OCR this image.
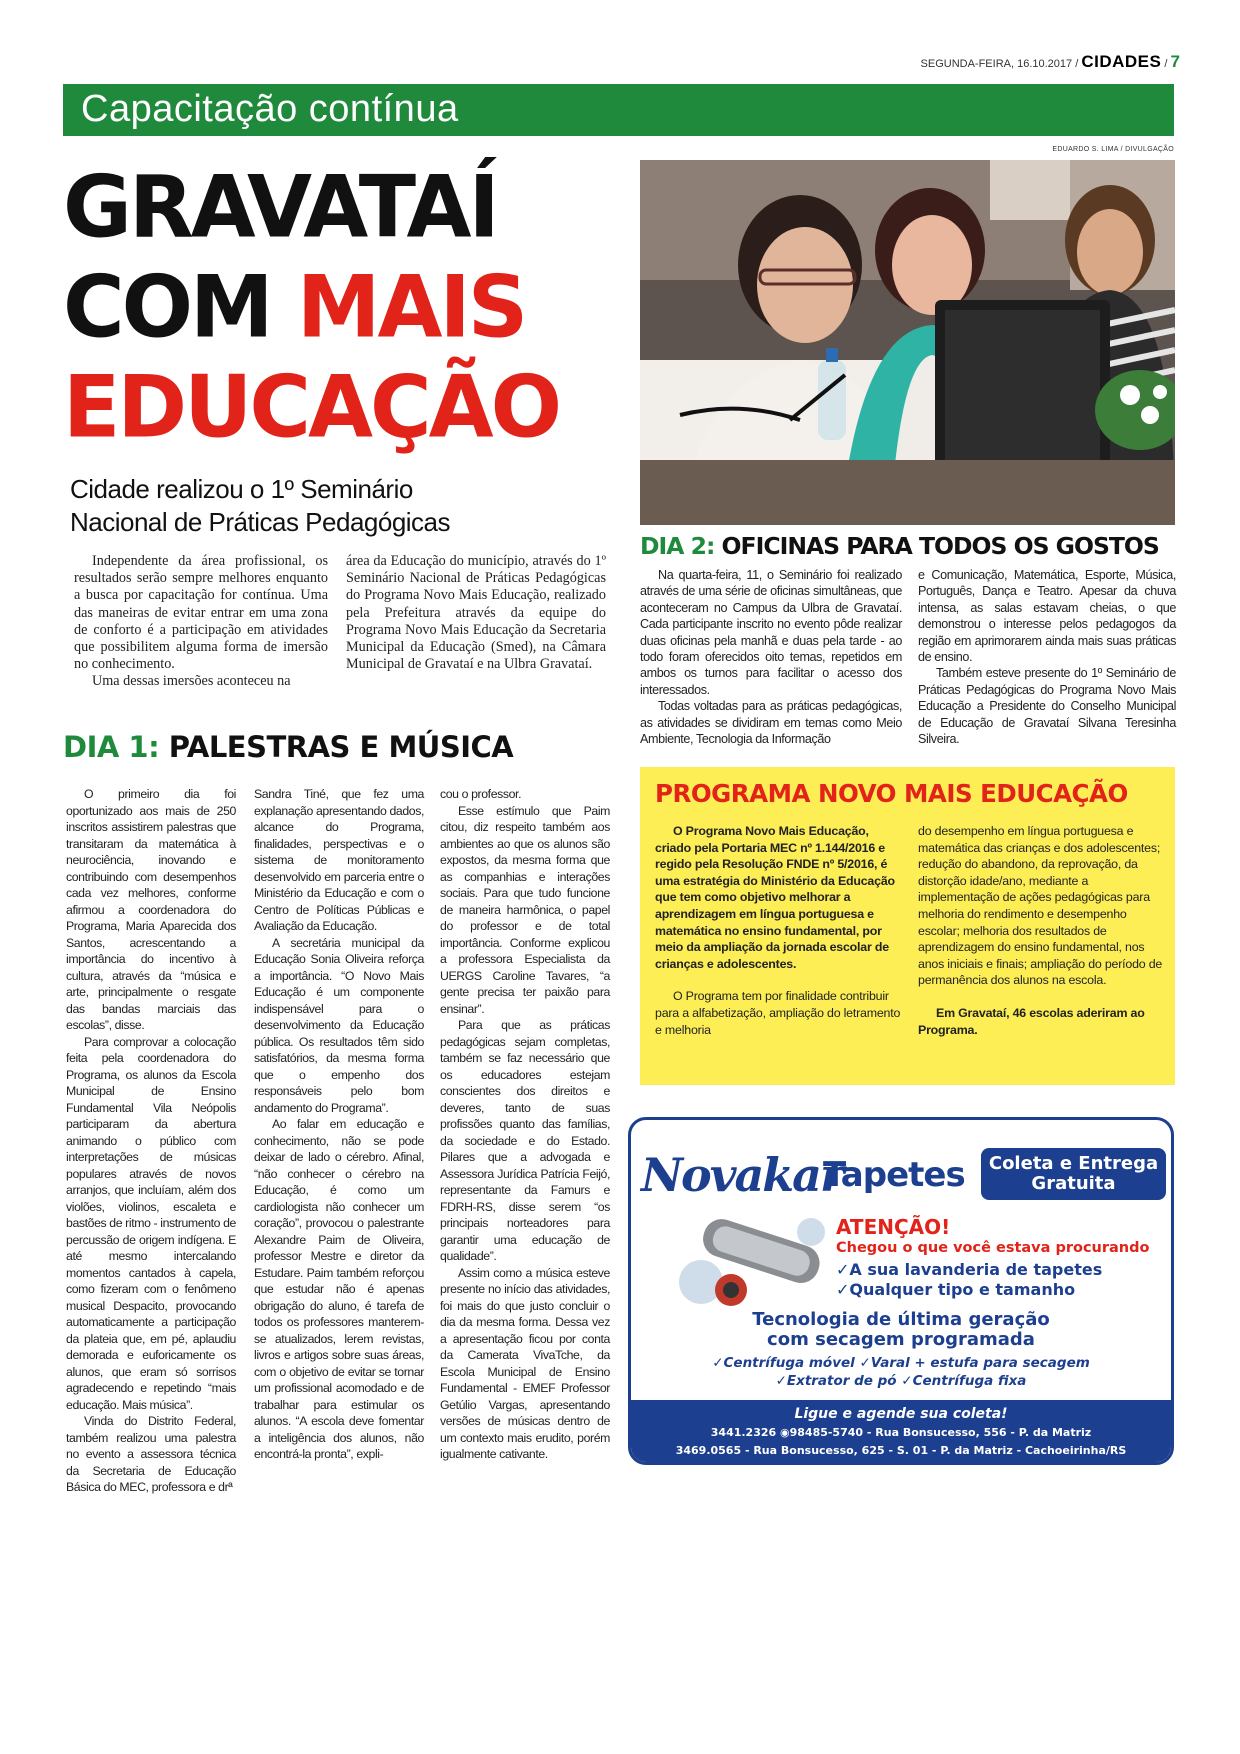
SEGUNDA-FEIRA, 16.10.2017 / CIDADES / 7
Capacitação contínua
EDUARDO S. LIMA / DIVULGAÇÃO
GRAVATAÍ
COM MAIS
EDUCAÇÃO
Cidade realizou o 1º Seminário
Nacional de Práticas Pedagógicas

Independente da área profissional, os resultados serão sempre melhores enquanto a busca por capacitação for contínua. Uma das maneiras de evitar entrar em uma zona de conforto é a participação em atividades que possibilitem alguma forma de imersão no conhecimento.

Uma dessas imersões aconteceu na

área da Educação do município, através do 1º Seminário Nacional de Práticas Pedagógicas do Programa Novo Mais Educação, realizado pela Prefeitura através da equipe do Programa Novo Mais Educação da Secretaria Municipal da Educação (Smed), na Câmara Municipal de Gravataí e na Ulbra Gravataí.

DIA 1: PALESTRAS E MÚSICA

O primeiro dia foi oportunizado aos mais de 250 inscritos assistirem palestras que transitaram da matemática à neurociência, inovando e contribuindo com desempenhos cada vez melhores, conforme afirmou a coordenadora do Programa, Maria Aparecida dos Santos, acrescentando a importância do incentivo à cultura, através da “música e arte, principalmente o resgate das bandas marciais das escolas”, disse.

Para comprovar a colocação feita pela coordenadora do Programa, os alunos da Escola Municipal de Ensino Fundamental Vila Neópolis participaram da abertura animando o público com interpretações de músicas populares através de novos arranjos, que incluíam, além dos violões, violinos, escaleta e bastões de ritmo - instrumento de percussão de origem indígena. E até mesmo intercalando momentos cantados à capela, como fizeram com o fenômeno musical Despacito, provocando automaticamente a participação da plateia que, em pé, aplaudiu demorada e euforicamente os alunos, que eram só sorrisos agradecendo e repetindo “mais educação. Mais música”.

Vinda do Distrito Federal, também realizou uma palestra no evento a assessora técnica da Secretaria de Educação Básica do MEC, professora e drª

Sandra Tiné, que fez uma explanação apresentando dados, alcance do Programa, finalidades, perspectivas e o sistema de monitoramento desenvolvido em parceria entre o Ministério da Educação e com o Centro de Políticas Públicas e Avaliação da Educação.

A secretária municipal da Educação Sonia Oliveira reforça a importância. “O Novo Mais Educação é um componente indispensável para o desenvolvimento da Educação pública. Os resultados têm sido satisfatórios, da mesma forma que o empenho dos responsáveis pelo bom andamento do Programa”.

Ao falar em educação e conhecimento, não se pode deixar de lado o cérebro. Afinal, “não conhecer o cérebro na Educação, é como um cardiologista não conhecer um coração”, provocou o palestrante Alexandre Paim de Oliveira, professor Mestre e diretor da Estudare. Paim também reforçou que estudar não é apenas obrigação do aluno, é tarefa de todos os professores manterem-se atualizados, lerem revistas, livros e artigos sobre suas áreas, com o objetivo de evitar se tornar um profissional acomodado e de trabalhar para estimular os alunos. “A escola deve fomentar a inteligência dos alunos, não encontrá-la pronta”, expli-

cou o professor.

Esse estímulo que Paim citou, diz respeito também aos ambientes ao que os alunos são expostos, da mesma forma que as companhias e interações sociais. Para que tudo funcione de maneira harmônica, o papel do professor e de total importância. Conforme explicou a professora Especialista da UERGS Caroline Tavares, “a gente precisa ter paixão para ensinar”.

Para que as práticas pedagógicas sejam completas, também se faz necessário que os educadores estejam conscientes dos direitos e deveres, tanto de suas profissões quanto das famílias, da sociedade e do Estado. Pilares que a advogada e Assessora Jurídica Patrícia Feijó, representante da Famurs e FDRH-RS, disse serem “os principais norteadores para garantir uma educação de qualidade”.

Assim como a música esteve presente no início das atividades, foi mais do que justo concluir o dia da mesma forma. Dessa vez a apresentação ficou por conta da Camerata VivaTche, da Escola Municipal de Ensino Fundamental - EMEF Professor Getúlio Vargas, apresentando versões de músicas dentro de um contexto mais erudito, porém igualmente cativante.

DIA 2: OFICINAS PARA TODOS OS GOSTOS

Na quarta-feira, 11, o Seminário foi realizado através de uma série de oficinas simultâneas, que aconteceram no Campus da Ulbra de Gravataí. Cada participante inscrito no evento pôde realizar duas oficinas pela manhã e duas pela tarde - ao todo foram oferecidos oito temas, repetidos em ambos os turnos para facilitar o acesso dos interessados.

Todas voltadas para as práticas pedagógicas, as atividades se dividiram em temas como Meio Ambiente, Tecnologia da Informação

e Comunicação, Matemática, Esporte, Música, Português, Dança e Teatro. Apesar da chuva intensa, as salas estavam cheias, o que demonstrou o interesse pelos pedagogos da região em aprimorarem ainda mais suas práticas de ensino.

Também esteve presente do 1º Seminário de Práticas Pedagógicas do Programa Novo Mais Educação a Presidente do Conselho Municipal de Educação de Gravataí Silvana Teresinha Silveira.

PROGRAMA NOVO MAIS EDUCAÇÃO

O Programa Novo Mais Educação, criado pela Portaria MEC nº 1.144/2016 e regido pela Resolução FNDE nº 5/2016, é uma estratégia do Ministério da Educação que tem como objetivo melhorar a aprendizagem em língua portuguesa e matemática no ensino fundamental, por meio da ampliação da jornada escolar de crianças e adolescentes.

O Programa tem por finalidade contribuir para a alfabetização, ampliação do letramento e melhoria

do desempenho em língua portuguesa e matemática das crianças e dos adolescentes; redução do abandono, da reprovação, da distorção idade/ano, mediante a implementação de ações pedagógicas para melhoria do rendimento e desempenho escolar; melhoria dos resultados de aprendizagem do ensino fundamental, nos anos iniciais e finais; ampliação do período de permanência dos alunos na escola.

Em Gravataí, 46 escolas aderiram ao Programa.

Novakar
Tapetes	Coleta e Entrega Gratuita
ATENÇÃO!
Chegou o que você estava procurando
✓A sua lavanderia de tapetes
✓Qualquer tipo e tamanho
Tecnologia de última geração
com secagem programada
✓Centrífuga móvel ✓Varal + estufa para secagem
✓Extrator de pó ✓Centrífuga fixa
Ligue e agende sua coleta!
3441.2326 ◉98485-5740 - Rua Bonsucesso, 556 - P. da Matriz
3469.0565 - Rua Bonsucesso, 625 - S. 01 - P. da Matriz - Cachoeirinha/RS
